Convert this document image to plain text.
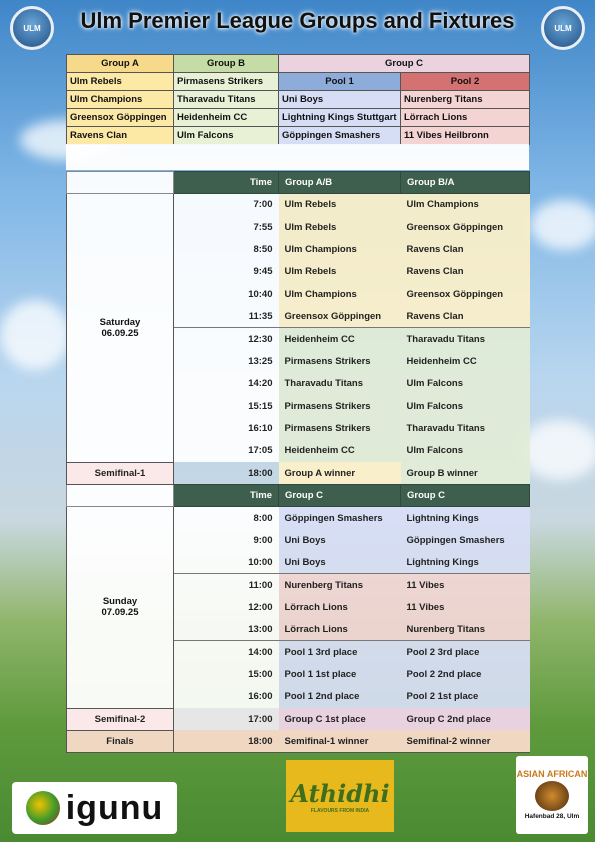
ULM	ULM
Ulm Premier League Groups and Fixtures
Group A	Group B	Group C	
Ulm Rebels	Pirmasens Strikers	Pool 1	Pool 2
Ulm Champions	Tharavadu Titans	Uni Boys	Nurenberg Titans
Greensox Göppingen	Heidenheim CC	Lightning Kings Stuttgart	Lörrach Lions
Ravens Clan	Ulm Falcons	Göppingen Smashers	11 Vibes Heilbronn
	Time	Group A/B	Group B/A

Saturday
06.09.25	7:00	Ulm Rebels	Ulm Champions
	7:55	Ulm Rebels	Greensox Göppingen
	8:50	Ulm Champions	Ravens Clan
	9:45	Ulm Rebels	Ravens Clan
	10:40	Ulm Champions	Greensox Göppingen
	11:35	Greensox Göppingen	Ravens Clan
	12:30	Heidenheim CC	Tharavadu Titans
	13:25	Pirmasens Strikers	Heidenheim CC
	14:20	Tharavadu Titans	Ulm Falcons
	15:15	Pirmasens Strikers	Ulm Falcons
	16:10	Pirmasens Strikers	Tharavadu Titans
	17:05	Heidenheim CC	Ulm Falcons
Semifinal-1	18:00	Group A winner	Group B winner
	Time	Group C	Group C

Sunday
07.09.25	8:00	Göppingen Smashers	Lightning Kings
	9:00	Uni Boys	Göppingen Smashers
	10:00	Uni Boys	Lightning Kings
	11:00	Nurenberg Titans	11 Vibes
	12:00	Lörrach Lions	11 Vibes
	13:00	Lörrach Lions	Nurenberg Titans
	14:00	Pool 1 3rd place	Pool 2 3rd place
	15:00	Pool 1 1st place	Pool 2 2nd place
	16:00	Pool 1 2nd place	Pool 2 1st place
Semifinal-2	17:00	Group C 1st place	Group C 2nd place
Finals	18:00	Semifinal-1 winner	Semifinal-2 winner
igunu	Athidhi
FLAVOURS FROM INDIA
ASIAN AFRICAN
Hafenbad 28, Ulm
